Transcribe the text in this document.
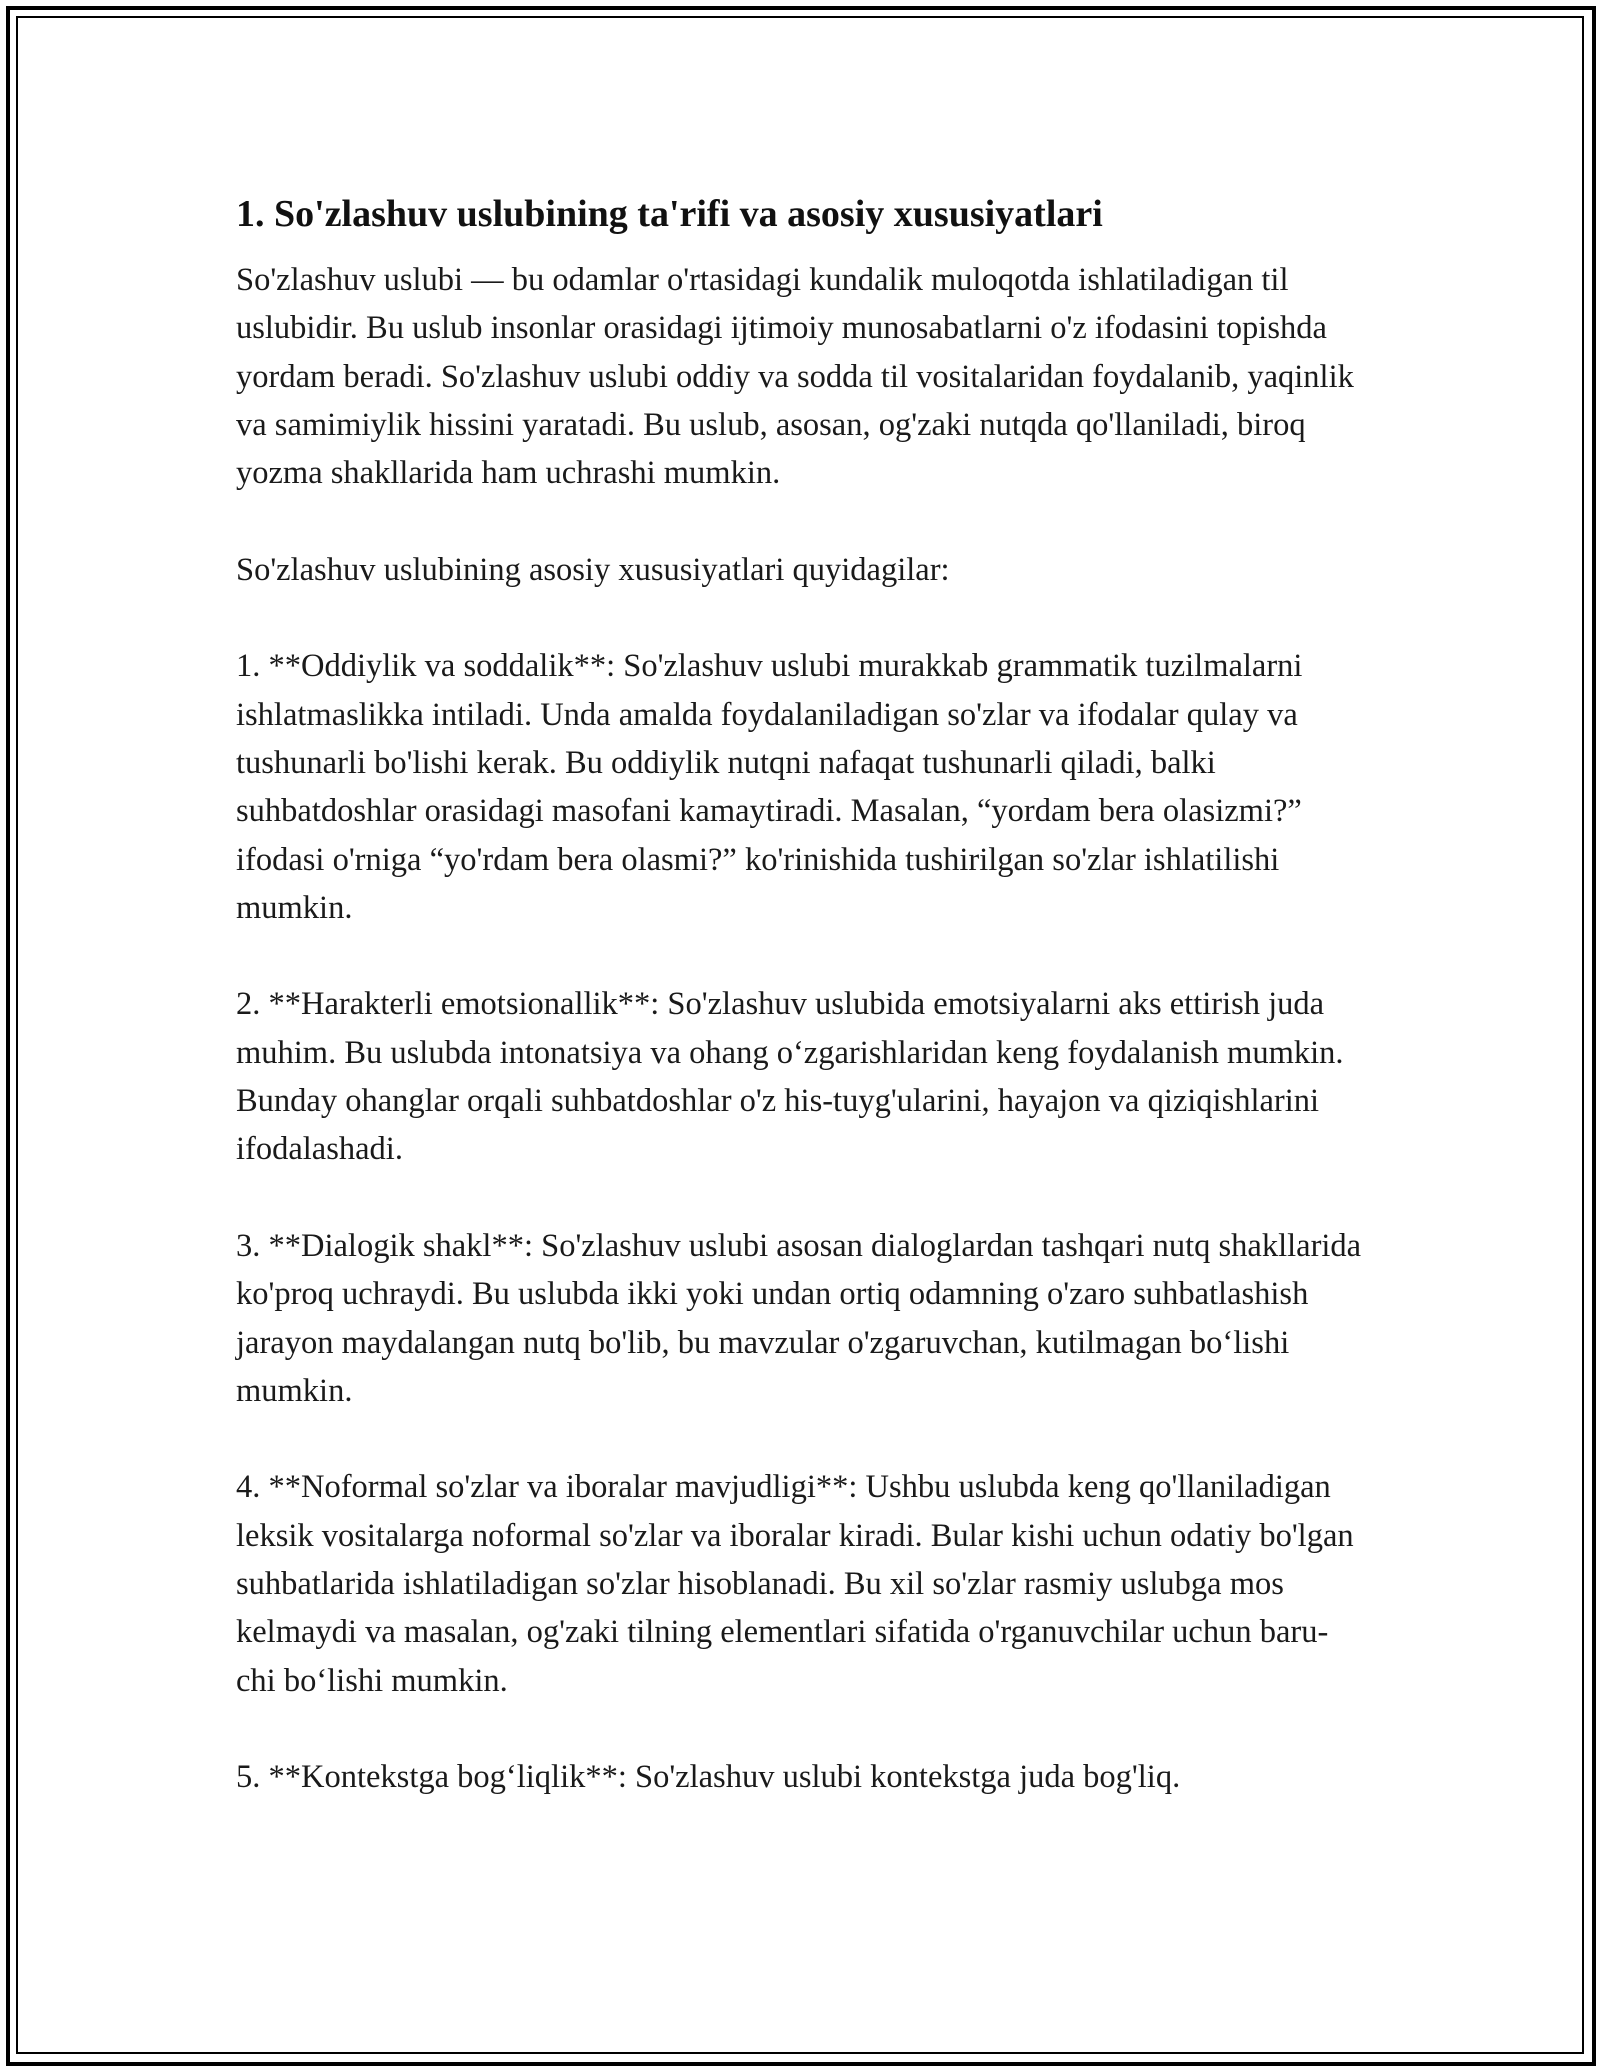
1. So'zlashuv uslubining ta'rifi va asosiy xususiyatlari

So'zlashuv uslubi — bu odamlar o'rtasidagi kundalik muloqotda ishlatiladigan til uslubidir. Bu uslub insonlar orasidagi ijtimoiy munosabatlarni o'z ifodasini topishda yordam beradi. So'zlashuv uslubi oddiy va sodda til vositalaridan foydalanib, yaqinlik va samimiylik hissini yaratadi. Bu uslub, asosan, og'zaki nutqda qo'llaniladi, biroq yozma shakllarida ham uchrashi mumkin.

So'zlashuv uslubining asosiy xususiyatlari quyidagilar:

1. **Oddiylik va soddalik**: So'zlashuv uslubi murakkab grammatik tuzilmalarni ishlatmaslikka intiladi. Unda amalda foydalaniladigan so'zlar va ifodalar qulay va tushunarli bo'lishi kerak. Bu oddiylik nutqni nafaqat tushunarli qiladi, balki suhbatdoshlar orasidagi masofani kamaytiradi. Masalan, “yordam bera olasizmi?” ifodasi o'rniga “yo'rdam bera olasmi?” ko'rinishida tushirilgan so'zlar ishlatilishi mumkin.

2. **Harakterli emotsionallik**: So'zlashuv uslubida emotsiyalarni aks ettirish juda muhim. Bu uslubda intonatsiya va ohang oʻzgarishlaridan keng foydalanish mumkin. Bunday ohanglar orqali suhbatdoshlar o'z his-tuyg'ularini, hayajon va qiziqishlarini ifodalashadi.

3. **Dialogik shakl**: So'zlashuv uslubi asosan dialoglardan tashqari nutq shakllarida ko'proq uchraydi. Bu uslubda ikki yoki undan ortiq odamning o'zaro suhbatlashish jarayon maydalangan nutq bo'lib, bu mavzular o'zgaruvchan, kutilmagan boʻlishi mumkin.

4. **Noformal so'zlar va iboralar mavjudligi**: Ushbu uslubda keng qo'llaniladigan leksik vositalarga noformal so'zlar va iboralar kiradi. Bular kishi uchun odatiy bo'lgan suhbatlarida ishlatiladigan so'zlar hisoblanadi. Bu xil so'zlar rasmiy uslubga mos kelmaydi va masalan, og'zaki tilning elementlari sifatida o'rganuvchilar uchun baru-chi boʻlishi mumkin.

5. **Kontekstga bogʻliqlik**: So'zlashuv uslubi kontekstga juda bog'liq.
